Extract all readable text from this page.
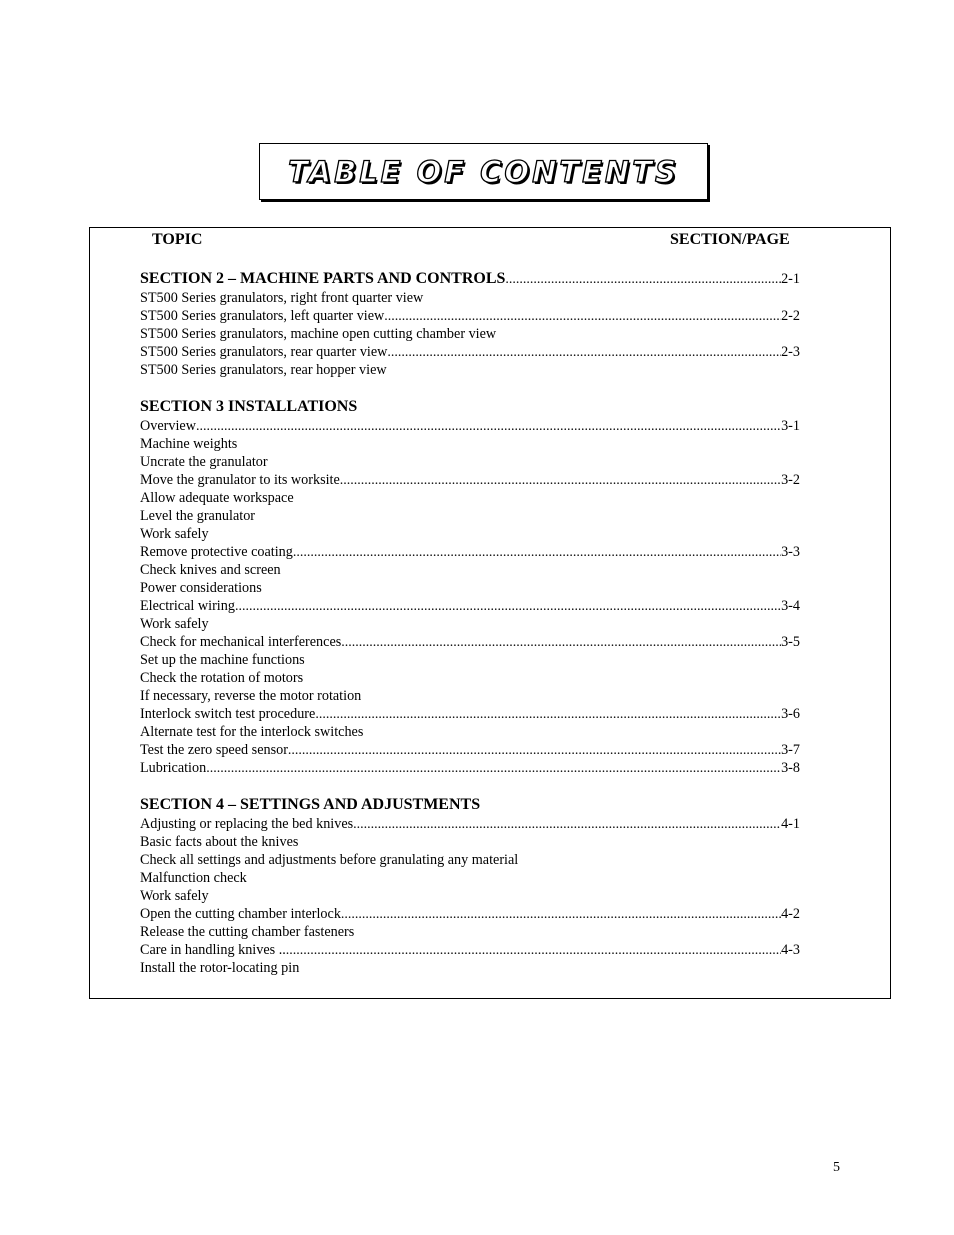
TABLE OF CONTENTS
TOPIC	SECTION/PAGE
SECTION 2 – MACHINE PARTS AND CONTROLS .....	2-1
ST500 Series granulators, right front quarter view
ST500 Series granulators, left quarter view .....	2-2
ST500 Series granulators, machine open cutting chamber view
ST500 Series granulators, rear quarter view .....	2-3
ST500 Series granulators, rear hopper view
SECTION 3 INSTALLATIONS
Overview .....	3-1
Machine weights
Uncrate the granulator
Move the granulator to its worksite .....	3-2
Allow adequate workspace
Level the granulator
Work safely
Remove protective coating .....	3-3
Check knives and screen
Power considerations
Electrical wiring .....	3-4
Work safely
Check for mechanical interferences .....	3-5
Set up the machine functions
Check the rotation of motors
If necessary, reverse the motor rotation
Interlock switch test procedure .....	3-6
Alternate test for the interlock switches
Test the zero speed sensor .....	3-7
Lubrication .....	3-8
SECTION 4 – SETTINGS AND ADJUSTMENTS
Adjusting or replacing the bed knives .....	4-1
Basic facts about the knives
Check all settings and adjustments before granulating any material
Malfunction check
Work safely
Open the cutting chamber interlock .....	4-2
Release the cutting chamber fasteners
Care in handling knives .. .....	4-3
Install the rotor-locating pin
5
